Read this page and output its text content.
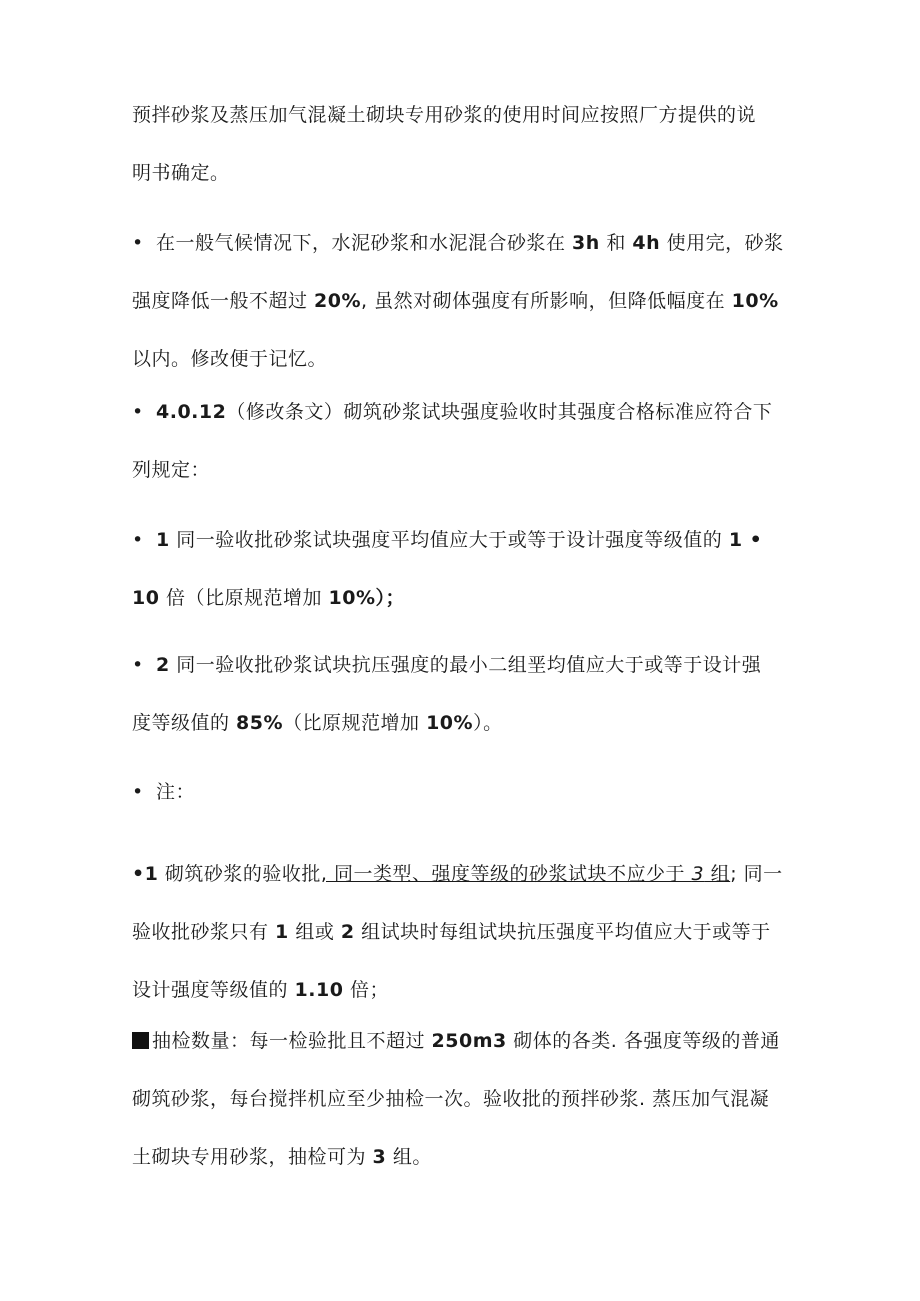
预拌砂浆及蒸压加气混凝土砌块专用砂浆的使用时间应按照厂方提供的说
明书确定。
• 在一般气候情况下，水泥砂浆和水泥混合砂浆在 3h 和 4h 使用完，砂浆
强度降低一般不超过 20%, 虽然对砌体强度有所影响，但降低幅度在 10%
以内。修改便于记忆。
• 4.0.12（修改条文）砌筑砂浆试块强度验收时其强度合格标准应符合下
列规定：
• 1 同一验收批砂浆试块强度平均值应大于或等于设计强度等级值的 1 •
10 倍（比原规范增加 10%）；
• 2 同一验收批砂浆试块抗压强度的最小二组垩均值应大于或等于设计强
度等级值的 85%（比原规范增加 10%）。
• 注：
•1 砌筑砂浆的验收批, 同一类型、强度等级的砂浆试块不应少于 3 组; 同一
验收批砂浆只有 1 组或 2 组试块时每组试块抗压强度平均值应大于或等于
设计强度等级值的 1.10 倍；
抽检数量：每一检验批且不超过 250m3 砌体的各类. 各强度等级的普通
砌筑砂浆，每台搅拌机应至少抽检一次。验收批的预拌砂浆. 蒸压加气混凝
土砌块专用砂浆，抽检可为 3 组。
